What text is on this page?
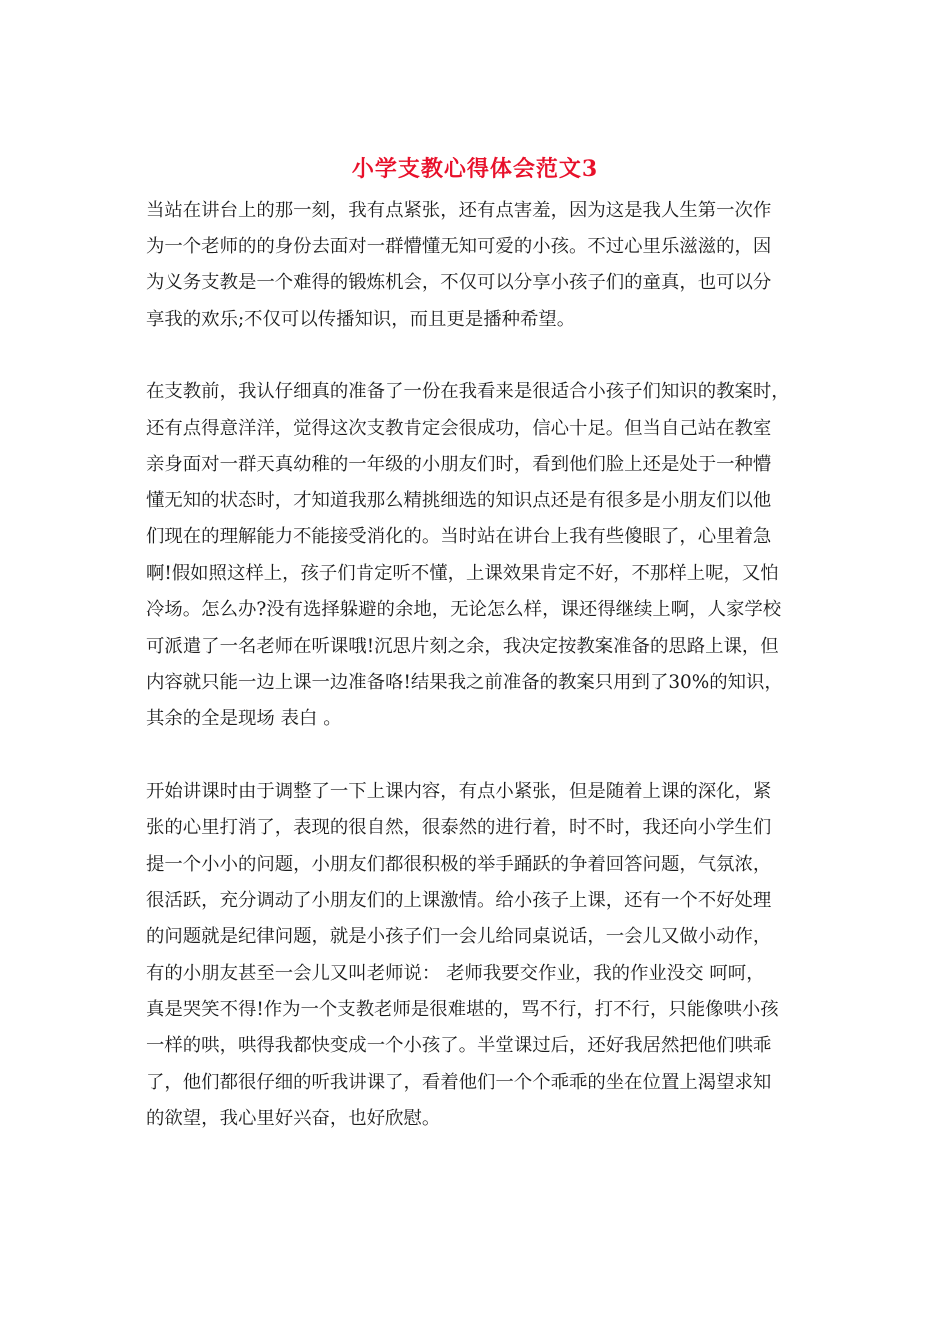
小学支教心得体会范文3

当站在讲台上的那一刻，我有点紧张，还有点害羞，因为这是我人生第一次作

为一个老师的的身份去面对一群懵懂无知可爱的小孩。不过心里乐滋滋的，因

为义务支教是一个难得的锻炼机会，不仅可以分享小孩子们的童真，也可以分

享我的欢乐;不仅可以传播知识，而且更是播种希望。

在支教前，我认仔细真的准备了一份在我看来是很适合小孩子们知识的教案时，

还有点得意洋洋，觉得这次支教肯定会很成功，信心十足。但当自己站在教室

亲身面对一群天真幼稚的一年级的小朋友们时，看到他们脸上还是处于一种懵

懂无知的状态时，才知道我那么精挑细选的知识点还是有很多是小朋友们以他

们现在的理解能力不能接受消化的。当时站在讲台上我有些傻眼了，心里着急

啊!假如照这样上，孩子们肯定听不懂，上课效果肯定不好，不那样上呢，又怕

冷场。怎么办?没有选择躲避的余地，无论怎么样，课还得继续上啊，人家学校

可派遣了一名老师在听课哦!沉思片刻之余，我决定按教案准备的思路上课，但

内容就只能一边上课一边准备咯!结果我之前准备的教案只用到了30%的知识，

其余的全是现场 表白 。

开始讲课时由于调整了一下上课内容，有点小紧张，但是随着上课的深化，紧

张的心里打消了，表现的很自然，很泰然的进行着，时不时，我还向小学生们

提一个小小的问题，小朋友们都很积极的举手踊跃的争着回答问题，气氛浓，

很活跃，充分调动了小朋友们的上课激情。给小孩子上课，还有一个不好处理

的问题就是纪律问题，就是小孩子们一会儿给同桌说话，一会儿又做小动作，

有的小朋友甚至一会儿又叫老师说： 老师我要交作业，我的作业没交 呵呵，

真是哭笑不得!作为一个支教老师是很难堪的，骂不行，打不行，只能像哄小孩

一样的哄，哄得我都快变成一个小孩了。半堂课过后，还好我居然把他们哄乖

了，他们都很仔细的听我讲课了，看着他们一个个乖乖的坐在位置上渴望求知

的欲望，我心里好兴奋，也好欣慰。
